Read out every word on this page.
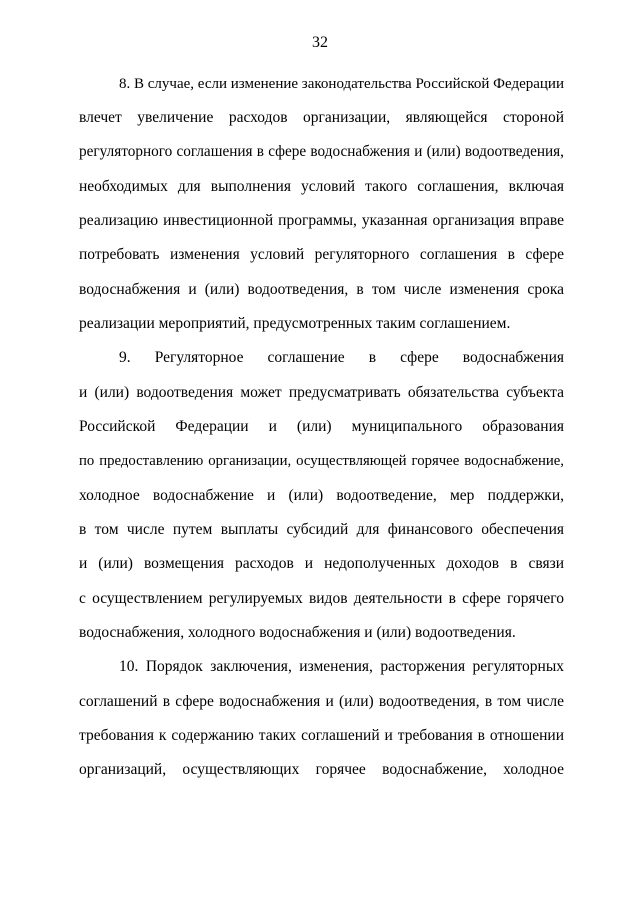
32
8. В случае, если изменение законодательства Российской Федерации
влечет увеличение расходов организации, являющейся стороной
регуляторного соглашения в сфере водоснабжения и (или) водоотведения,
необходимых для выполнения условий такого соглашения, включая
реализацию инвестиционной программы, указанная организация вправе
потребовать изменения условий регуляторного соглашения в сфере
водоснабжения и (или) водоотведения, в том числе изменения срока
реализации мероприятий, предусмотренных таким соглашением.
9. Регуляторное соглашение в сфере водоснабжения
и (или) водоотведения может предусматривать обязательства субъекта
Российской Федерации и (или) муниципального образования
по предоставлению организации, осуществляющей горячее водоснабжение,
холодное водоснабжение и (или) водоотведение, мер поддержки,
в том числе путем выплаты субсидий для финансового обеспечения
и (или) возмещения расходов и недополученных доходов в связи
с осуществлением регулируемых видов деятельности в сфере горячего
водоснабжения, холодного водоснабжения и (или) водоотведения.
10. Порядок заключения, изменения, расторжения регуляторных
соглашений в сфере водоснабжения и (или) водоотведения, в том числе
требования к содержанию таких соглашений и требования в отношении
организаций, осуществляющих горячее водоснабжение, холодное
